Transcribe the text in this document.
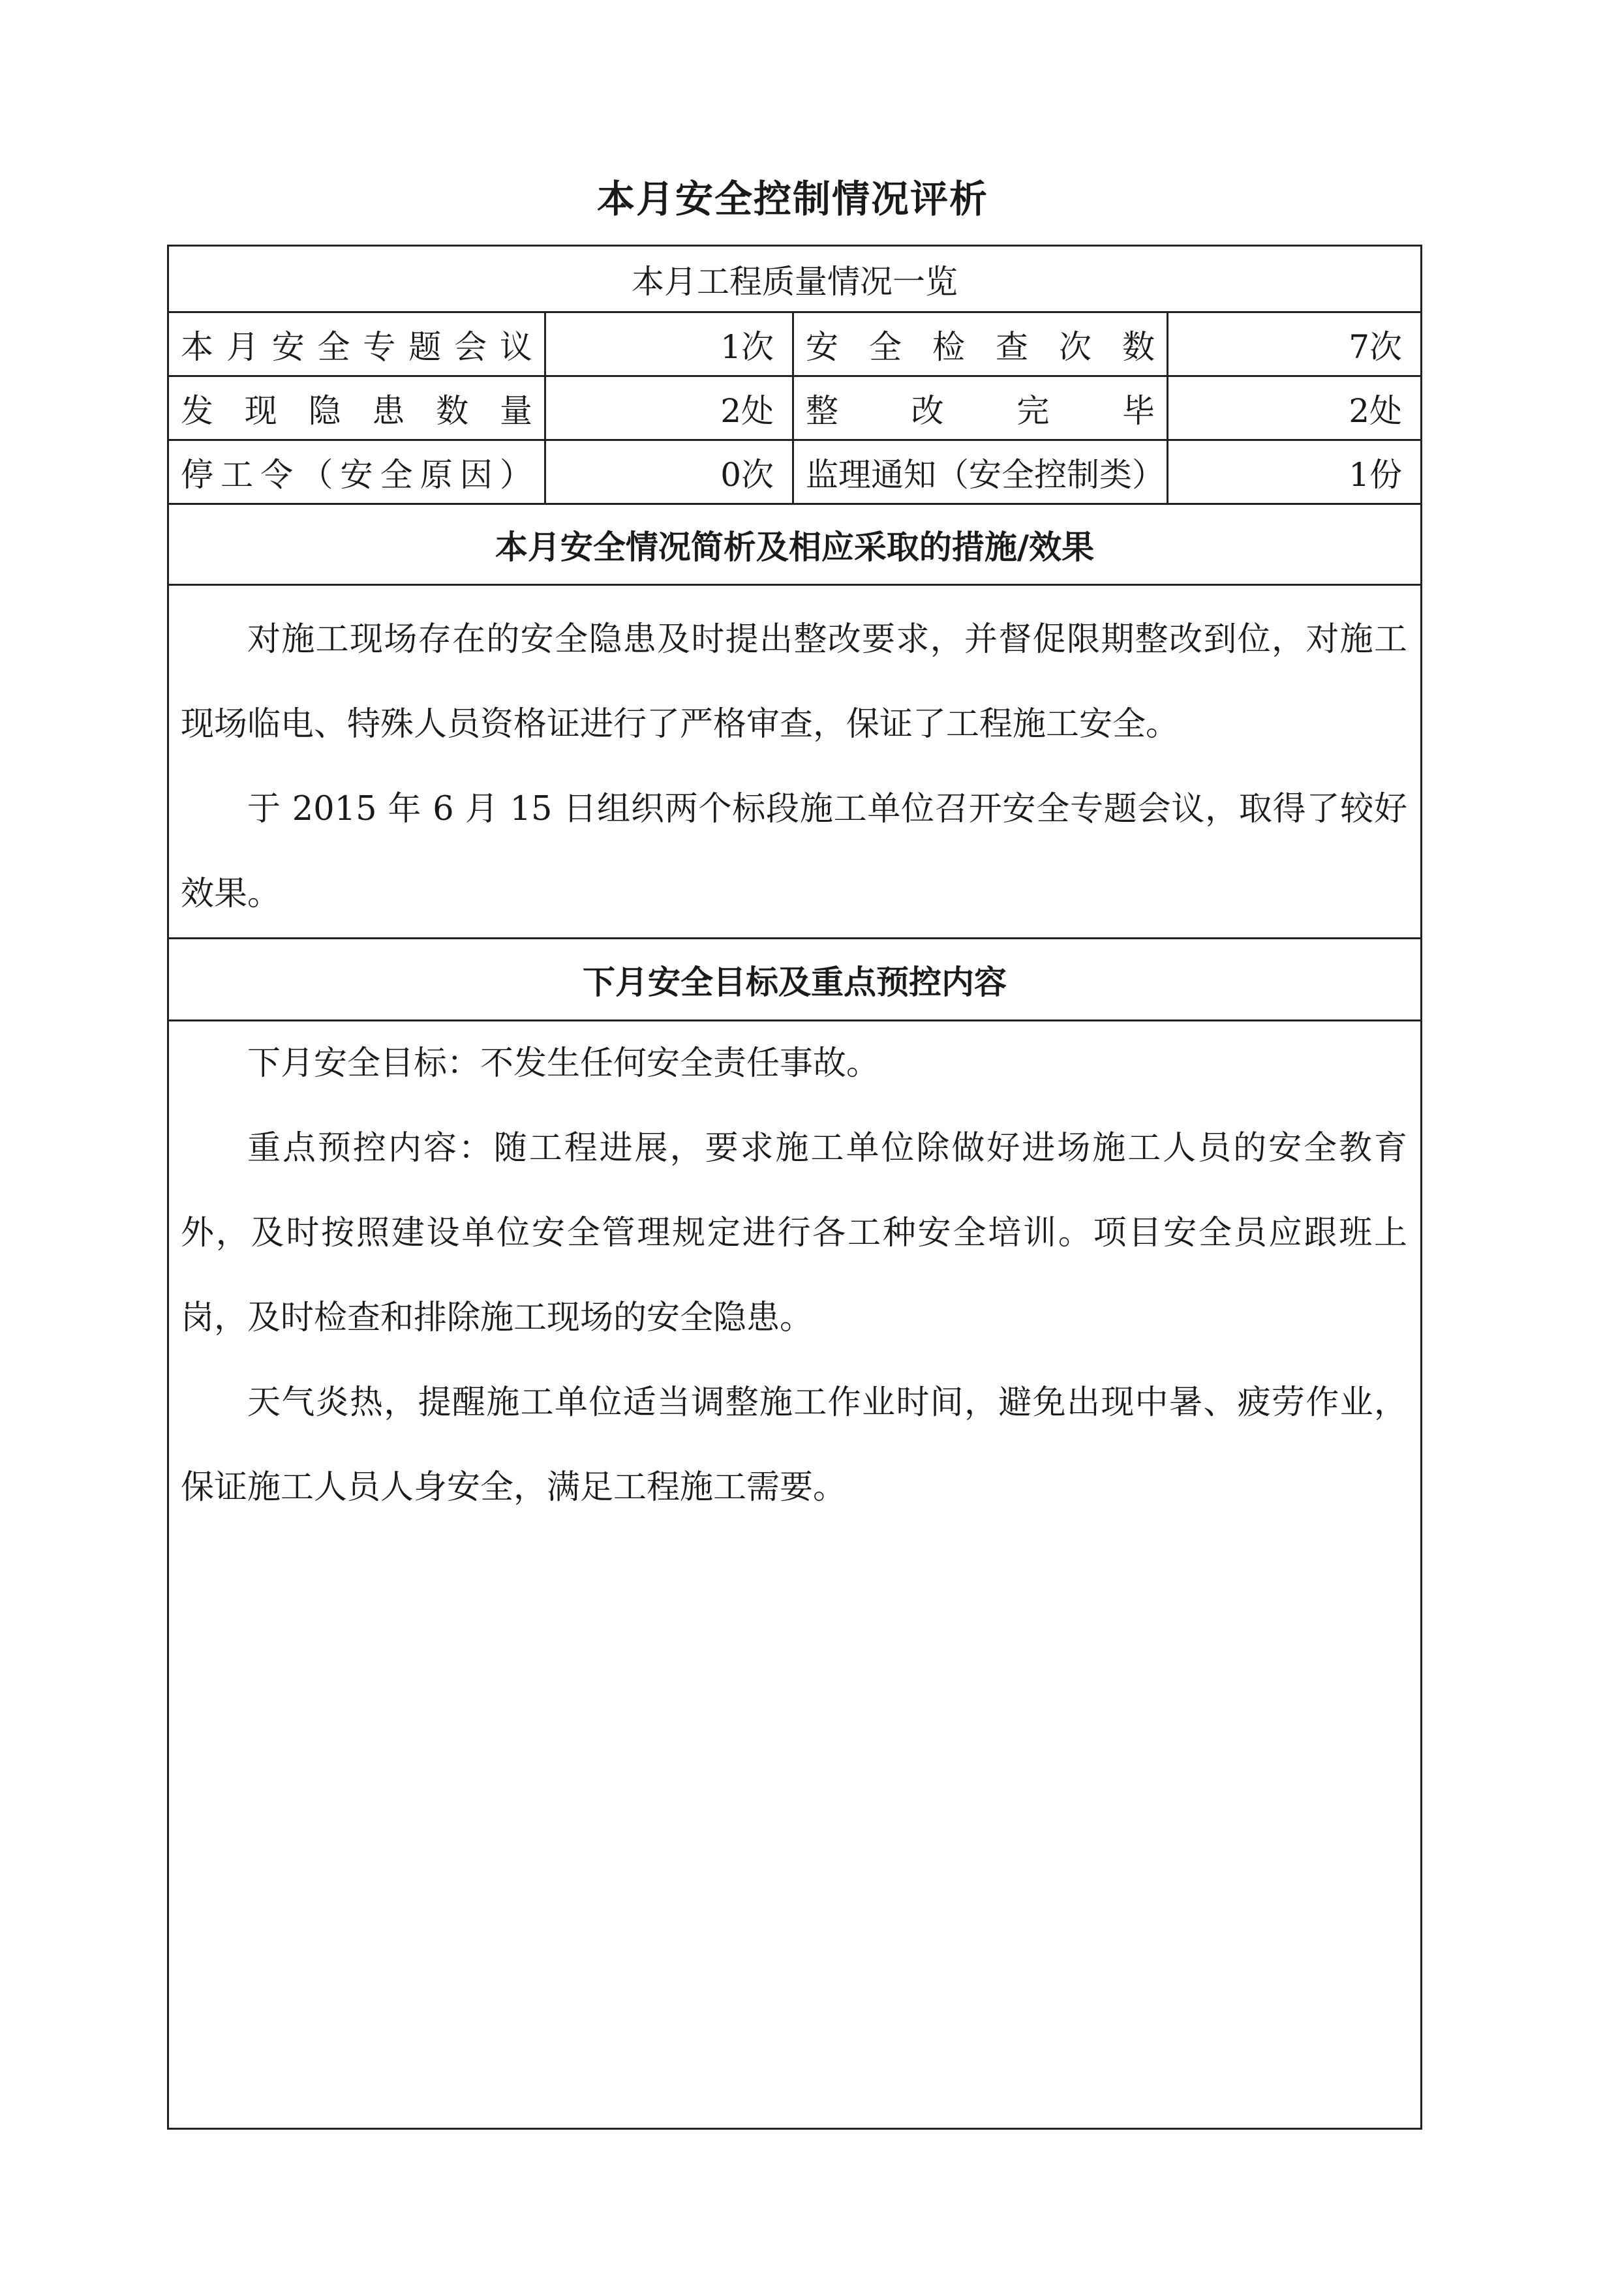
本月安全控制情况评析
本月工程质量情况一览
本 月 安 全 专 题 会 议	1次 安 全 检 查 次 数	7次
发 现 隐 患 数 量	2处 整 改 完 毕	2处
停 工 令 （ 安 全 原 因 ）	0次 监理通知（安全控制类）	1份
本月安全情况简析及相应采取的措施/效果

对施工现场存在的安全隐患及时提出整改要求，并督促限期整改到位，对施工现场临电、特殊人员资格证进行了严格审查，保证了工程施工安全。

于 2015 年 6 月 15 日组织两个标段施工单位召开安全专题会议，取得了较好效果。

下月安全目标及重点预控内容

下月安全目标：不发生任何安全责任事故。

重点预控内容：随工程进展，要求施工单位除做好进场施工人员的安全教育外，及时按照建设单位安全管理规定进行各工种安全培训。项目安全员应跟班上岗，及时检查和排除施工现场的安全隐患。

天气炎热，提醒施工单位适当调整施工作业时间，避免出现中暑、疲劳作业，保证施工人员人身安全，满足工程施工需要。
